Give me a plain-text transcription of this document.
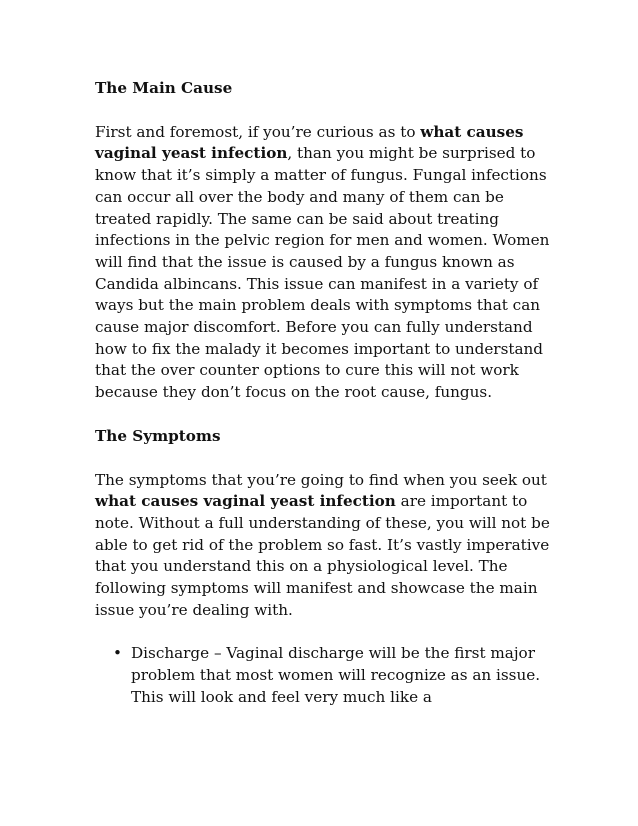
The Main Cause

First and foremost, if you’re curious as to what causes vaginal yeast infection, than you might be surprised to know that it’s simply a matter of fungus. Fungal infections can occur all over the body and many of them can be treated rapidly. The same can be said about treating infections in the pelvic region for men and women. Women will find that the issue is caused by a fungus known as Candida albincans. This issue can manifest in a variety of ways but the main problem deals with symptoms that can cause major discomfort. Before you can fully understand how to fix the malady it becomes important to understand that the over counter options to cure this will not work because they don’t focus on the root cause, fungus.

The Symptoms

The symptoms that you’re going to find when you seek out what causes vaginal yeast infection are important to note. Without a full understanding of these, you will not be able to get rid of the problem so fast. It’s vastly imperative that you understand this on a physiological level. The following symptoms will manifest and showcase the main issue you’re dealing with.

• Discharge – Vaginal discharge will be the first major problem that most women will recognize as an issue. This will look and feel very much like a
